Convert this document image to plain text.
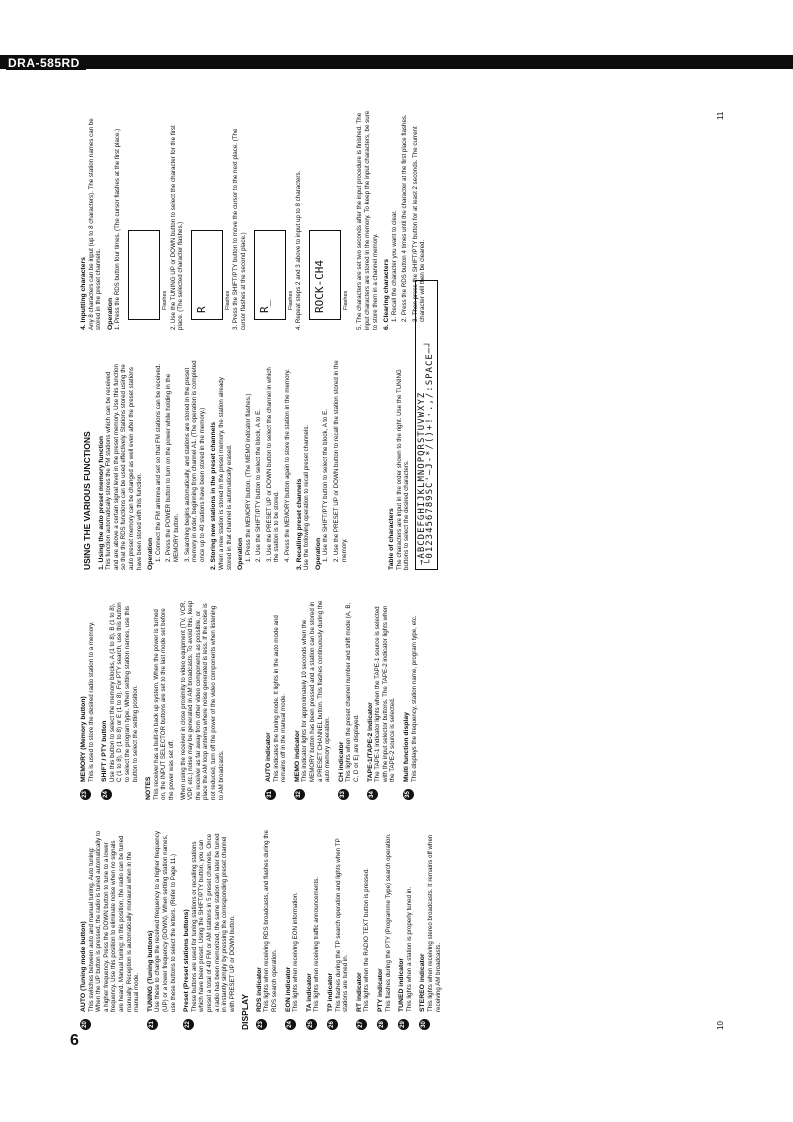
DRA-585RD
6
20
AUTO (Tuning mode button) This switches between auto and manual tuning. Auto tuning: When the UP button is pressed, the radio is tuned automatically to a higher frequency. Press the DOWN button to tune to a lower frequency. Use this position to eliminate noise when no signals are heard. Manual tuning: in this position, the radio can be tuned manually. Reception is automatically monaural when in the manual mode.
21
TUNING (Tuning buttons) Use these to change the received frequency to a higher frequency (UP) or a lower frequency (DOWN). When setting station names, use these buttons to select the letters. (Refer to Page 11.)
22
Preset (Preset stations buttons) These buttons are used for tuning stations or recalling stations which have been preset. Using the SHIFT/PTY button, you can preset a total of 40 FM or AM stations in 5 preset channels. Once a radio has been memorized, the same station can later be tuned in instantly simply by pressing the corresponding preset channel with PRESET UP or DOWN button. DISPLAY	23
RDS indicator This lights when receiving RDS broadcasts, and flashes during the RDS search operation.
24
EON indicator This lights when receiving EON information.
25
TA indicator This lights when receiving traffic announcements.
26
TP indicator This flashes during the TP search operation and lights when TP stations are tuned in.
27
RT indicator This lights when the RADIO TEXT button is pressed.
28
PTY indicator This flashes during the PTY (Programme Type) search operation.
29
TUNED indicator This lights when a station is properly tuned in.
30
STEREO indicator This lights when receiving stereo broadcasts. It remains off when receiving AM broadcasts.
23
MEMORY (Memory button) This is used to store the desired radio station to a memory.
24
SHIFT / PTY button Use this button to select the memory blocks, A (1 to 8), B (1 to 8), C (1 to 8), D (1 to 8) or E (1 to 8). For PTY search, use this button to select the program type. When setting station names, use this button to select the setting position.
NOTES This receiver has a built-in back up system. When the power is turned on, the INPUT SELECTOR buttons are set to the last mode set before the power was set off. When using the receiver in close proximity to video equipment (TV, VCR, VDP, etc.) noise may be generated in AM broadcasts. To avoid this, keep the receiver as far away from other video components as possible, or place the AM loop antenna where noise generated is less. If the noise is not reduced, turn off the power of the video components when listening to AM broadcasts.	31
AUTO indicator This indicates the tuning mode. It lights in the auto mode and remains off in the manual mode.
32
MEMO indicator This indicator lights for approximately 10 seconds when the MEMORY button has been pressed and a station can be stored in a PRESET CHANNEL button. This flashes continuously during the auto memory operation.
33
CH indicator This lights when the preset channel number and shift mode (A, B, C, D or E) are displayed.
34
TAPE-1/TAPE-2 indicator The TAPE-1 indicator lights when the TAPE-1 source is selected with the input selector buttons. The TAPE-2 indicator lights when the TAPE-2 source is selected.
35
Multi function display This displays the frequency, station name, program type, etc.
USING THE VARIOUS FUNCTIONS 1. Using the auto preset memory function This function automatically stores the FM stations which can be received and are above a certain signal level in the preset memory. Use this function so that the RDS functions can be used effectively. Stations stored using the auto preset memory can be changed as well even after the preset stations have been stored with this function. Operation 1. Connect the FM antenna and set so that FM stations can be received. 2. Press the POWER button to turn on the power while holding in the MEMORY button. 3. Searching begins automatically, and stations are stored in the preset memory in order, beginning from channel A1. (The operation is completed once up to 40 stations have been stored in the memory.) 2. Storing new stations in the preset channels When a new station is stored in the preset memory, the station already stored in that channel is automatically erased. Operation 1. Press the MEMORY button. (The MEMO indicator flashes.) 2. Use the SHIFT/PTY button to select the block, A to E. 3. Use the PRESET UP or DOWN button to select the channel in which the station is to be stored. 4. Press the MEMORY button again to store the station in the memory. 3. Recalling preset channels Use the following operation to recall preset channels. Operation 1. Use the SHIFT/PTY button to select the block, A to E. 2. Use the PRESET UP or DOWN button to recall the station stored in the memory.	Table of characters The characters are input in the order shown to the right. Use the TUNING buttons to select the desired characters. →ABCDEFGHIJKLMNOPQRSTUVWXYZ
└0123456789SC'–J-*/()+!·.,/:SPACE─┘
4. Inputting characters Any 8 characters can be input (up to 8 characters). The station names can be stored in the preset channels. Operation 1. Press the RDS button four times. (The cursor flashes at the first place.)	Flashes 2. Use the TUNING UP or DOWN button to select the character for the first place. (The selected character flashes.) R	Flashes 3. Press the SHIFT/PTY button to move the cursor to the next place. (The cursor flashes at the second place.) R_	Flashes 4. Repeat steps 2 and 3 above to input up to 8 characters. ROCK-CH4	Flashes 5. The characters are set two seconds after the input procedure is finished. The input characters are stored in the memory. To keep the input characters, be sure to store them in a channel memory. 6. Clearing characters 1. Recall the character you want to clear. 2. Press the RDS button 4 times until the character at the first place flashes. 3. Then press the SHIFT/PTY button for at least 2 seconds. The current character will then be cleared.
10
11
